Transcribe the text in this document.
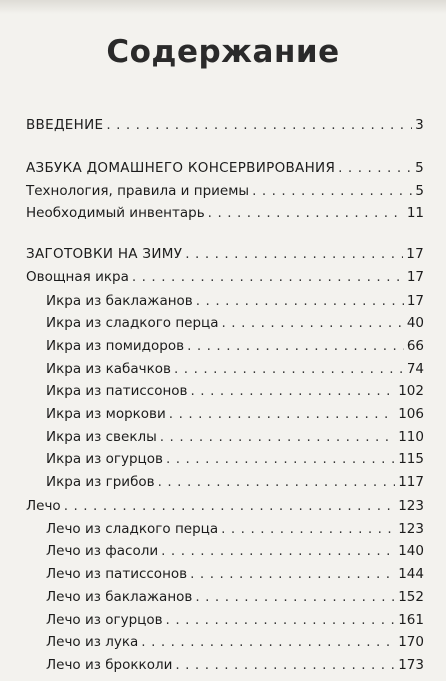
Содержание
ВВЕДЕНИЕ . . .	3
АЗБУКА ДОМАШНЕГО КОНСЕРВИРОВАНИЯ . . .	5
Технология, правила и приемы . . .	5
Необходимый инвентарь . . .	11
ЗАГОТОВКИ НА ЗИМУ . . .	17
Овощная икра . . .	17
Икра из баклажанов . . .	17
Икра из сладкого перца . . .	40
Икра из помидоров . . .	66
Икра из кабачков . . .	74
Икра из патиссонов . . .	102
Икра из моркови . . .	106
Икра из свеклы . . .	110
Икра из огурцов . . .	115
Икра из грибов . . .	117
Лечо . . .	123
Лечо из сладкого перца . . .	123
Лечо из фасоли . . .	140
Лечо из патиссонов . . .	144
Лечо из баклажанов . . .	152
Лечо из огурцов . . .	161
Лечо из лука . . .	170
Лечо из брокколи . . .	173
